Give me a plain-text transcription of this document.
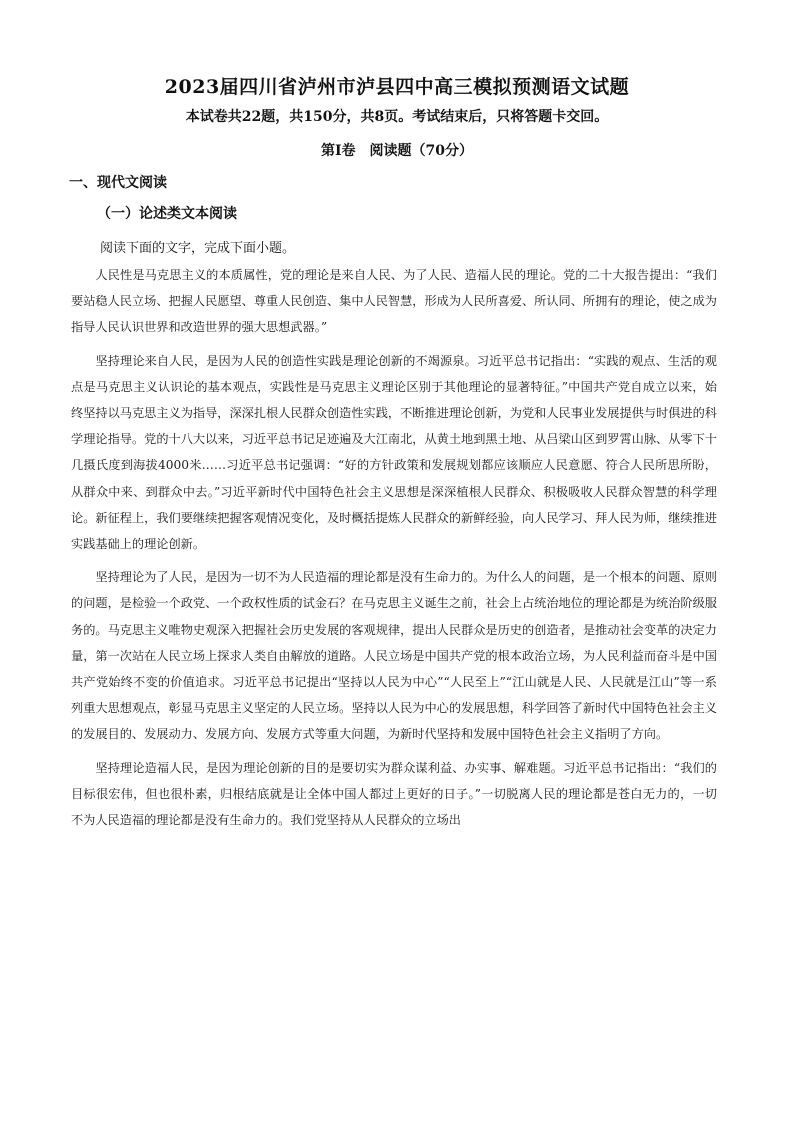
2023届四川省泸州市泸县四中高三模拟预测语文试题
本试卷共22题，共150分，共8页。考试结束后，只将答题卡交回。
第Ⅰ卷　阅读题（70分）
一、现代文阅读
（一）论述类文本阅读
阅读下面的文字，完成下面小题。

人民性是马克思主义的本质属性，党的理论是来自人民、为了人民、造福人民的理论。党的二十大报告提出：“我们要站稳人民立场、把握人民愿望、尊重人民创造、集中人民智慧，形成为人民所喜爱、所认同、所拥有的理论，使之成为指导人民认识世界和改造世界的强大思想武器。”

坚持理论来自人民，是因为人民的创造性实践是理论创新的不竭源泉。习近平总书记指出：“实践的观点、生活的观点是马克思主义认识论的基本观点，实践性是马克思主义理论区别于其他理论的显著特征。”中国共产党自成立以来，始终坚持以马克思主义为指导，深深扎根人民群众创造性实践，不断推进理论创新，为党和人民事业发展提供与时俱进的科学理论指导。党的十八大以来，习近平总书记足迹遍及大江南北，从黄土地到黑土地、从吕梁山区到罗霄山脉、从零下十几摄氏度到海拔4000米……习近平总书记强调：“好的方针政策和发展规划都应该顺应人民意愿、符合人民所思所盼，从群众中来、到群众中去。”习近平新时代中国特色社会主义思想是深深植根人民群众、积极吸收人民群众智慧的科学理论。新征程上，我们要继续把握客观情况变化，及时概括提炼人民群众的新鲜经验，向人民学习、拜人民为师，继续推进实践基础上的理论创新。

坚持理论为了人民，是因为一切不为人民造福的理论都是没有生命力的。为什么人的问题，是一个根本的问题、原则的问题，是检验一个政党、一个政权性质的试金石？在马克思主义诞生之前，社会上占统治地位的理论都是为统治阶级服务的。马克思主义唯物史观深入把握社会历史发展的客观规律，提出人民群众是历史的创造者，是推动社会变革的决定力量，第一次站在人民立场上探求人类自由解放的道路。人民立场是中国共产党的根本政治立场，为人民利益而奋斗是中国共产党始终不变的价值追求。习近平总书记提出“坚持以人民为中心”“人民至上”“江山就是人民、人民就是江山”等一系列重大思想观点，彰显马克思主义坚定的人民立场。坚持以人民为中心的发展思想，科学回答了新时代中国特色社会主义的发展目的、发展动力、发展方向、发展方式等重大问题，为新时代坚持和发展中国特色社会主义指明了方向。

坚持理论造福人民，是因为理论创新的目的是要切实为群众谋利益、办实事、解难题。习近平总书记指出：“我们的目标很宏伟，但也很朴素，归根结底就是让全体中国人都过上更好的日子。”一切脱离人民的理论都是苍白无力的，一切不为人民造福的理论都是没有生命力的。我们党坚持从人民群众的立场出
